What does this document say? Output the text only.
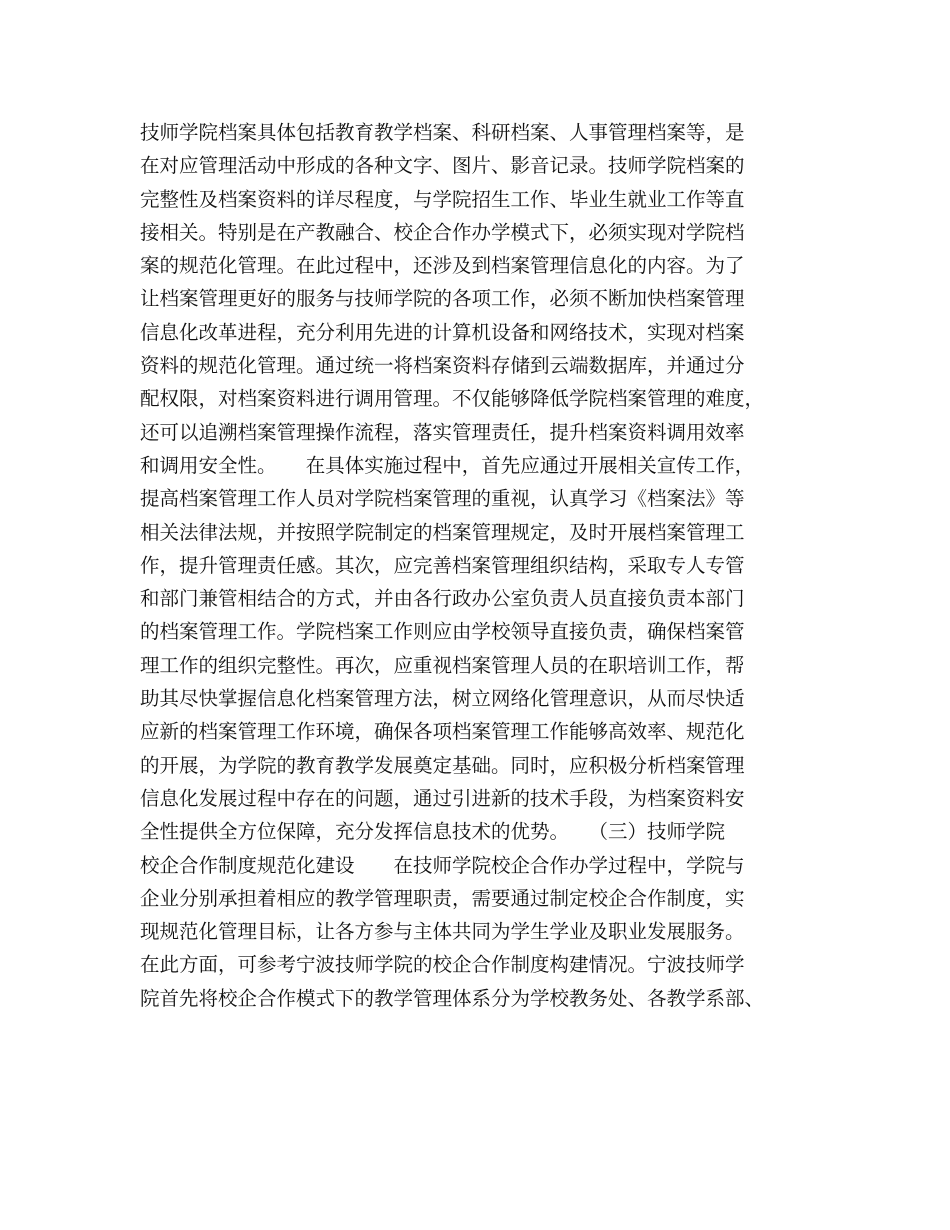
技师学院档案具体包括教育教学档案、科研档案、人事管理档案等，是
在对应管理活动中形成的各种文字、图片、影音记录。技师学院档案的
完整性及档案资料的详尽程度，与学院招生工作、毕业生就业工作等直
接相关。特别是在产教融合、校企合作办学模式下，必须实现对学院档
案的规范化管理。在此过程中，还涉及到档案管理信息化的内容。为了
让档案管理更好的服务与技师学院的各项工作，必须不断加快档案管理
信息化改革进程，充分利用先进的计算机设备和网络技术，实现对档案
资料的规范化管理。通过统一将档案资料存储到云端数据库，并通过分
配权限，对档案资料进行调用管理。不仅能够降低学院档案管理的难度，
还可以追溯档案管理操作流程，落实管理责任，提升档案资料调用效率
和调用安全性。　　在具体实施过程中，首先应通过开展相关宣传工作，
提高档案管理工作人员对学院档案管理的重视，认真学习《档案法》等
相关法律法规，并按照学院制定的档案管理规定，及时开展档案管理工
作，提升管理责任感。其次，应完善档案管理组织结构，采取专人专管
和部门兼管相结合的方式，并由各行政办公室负责人员直接负责本部门
的档案管理工作。学院档案工作则应由学校领导直接负责，确保档案管
理工作的组织完整性。再次，应重视档案管理人员的在职培训工作，帮
助其尽快掌握信息化档案管理方法，树立网络化管理意识，从而尽快适
应新的档案管理工作环境，确保各项档案管理工作能够高效率、规范化
的开展，为学院的教育教学发展奠定基础。同时，应积极分析档案管理
信息化发展过程中存在的问题，通过引进新的技术手段，为档案资料安
全性提供全方位保障，充分发挥信息技术的优势。　　（三）技师学院
校企合作制度规范化建设　　在技师学院校企合作办学过程中，学院与
企业分别承担着相应的教学管理职责，需要通过制定校企合作制度，实
现规范化管理目标，让各方参与主体共同为学生学业及职业发展服务。
在此方面，可参考宁波技师学院的校企合作制度构建情况。宁波技师学
院首先将校企合作模式下的教学管理体系分为学校教务处、各教学系部、
